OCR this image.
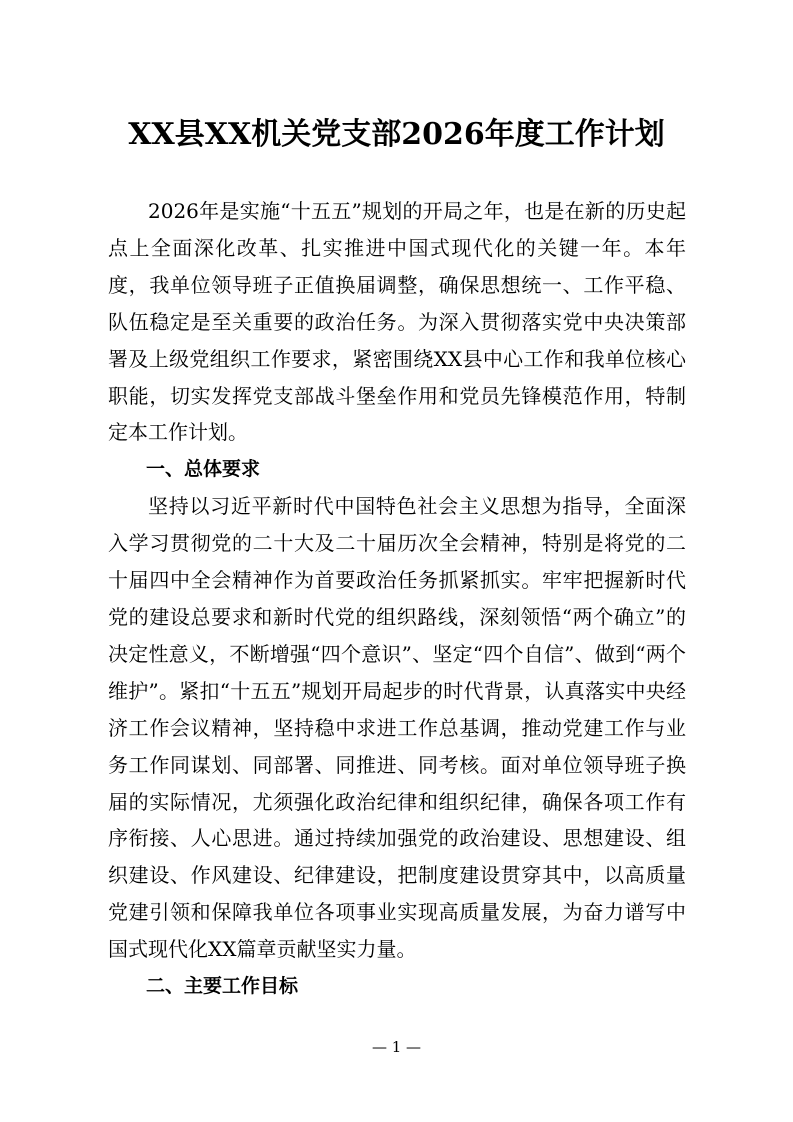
XX县XX机关党支部2026年度工作计划

2026年是实施“十五五”规划的开局之年，也是在新的历史起点上全面深化改革、扎实推进中国式现代化的关键一年。本年度，我单位领导班子正值换届调整，确保思想统一、工作平稳、队伍稳定是至关重要的政治任务。为深入贯彻落实党中央决策部署及上级党组织工作要求，紧密围绕XX县中心工作和我单位核心职能，切实发挥党支部战斗堡垒作用和党员先锋模范作用，特制定本工作计划。

一、总体要求

坚持以习近平新时代中国特色社会主义思想为指导，全面深入学习贯彻党的二十大及二十届历次全会精神，特别是将党的二十届四中全会精神作为首要政治任务抓紧抓实。牢牢把握新时代党的建设总要求和新时代党的组织路线，深刻领悟“两个确立”的决定性意义，不断增强“四个意识”、坚定“四个自信”、做到“两个维护”。紧扣“十五五”规划开局起步的时代背景，认真落实中央经济工作会议精神，坚持稳中求进工作总基调，推动党建工作与业务工作同谋划、同部署、同推进、同考核。面对单位领导班子换届的实际情况，尤须强化政治纪律和组织纪律，确保各项工作有序衔接、人心思进。通过持续加强党的政治建设、思想建设、组织建设、作风建设、纪律建设，把制度建设贯穿其中，以高质量党建引领和保障我单位各项事业实现高质量发展，为奋力谱写中国式现代化XX篇章贡献坚实力量。

二、主要工作目标

— 1 —
